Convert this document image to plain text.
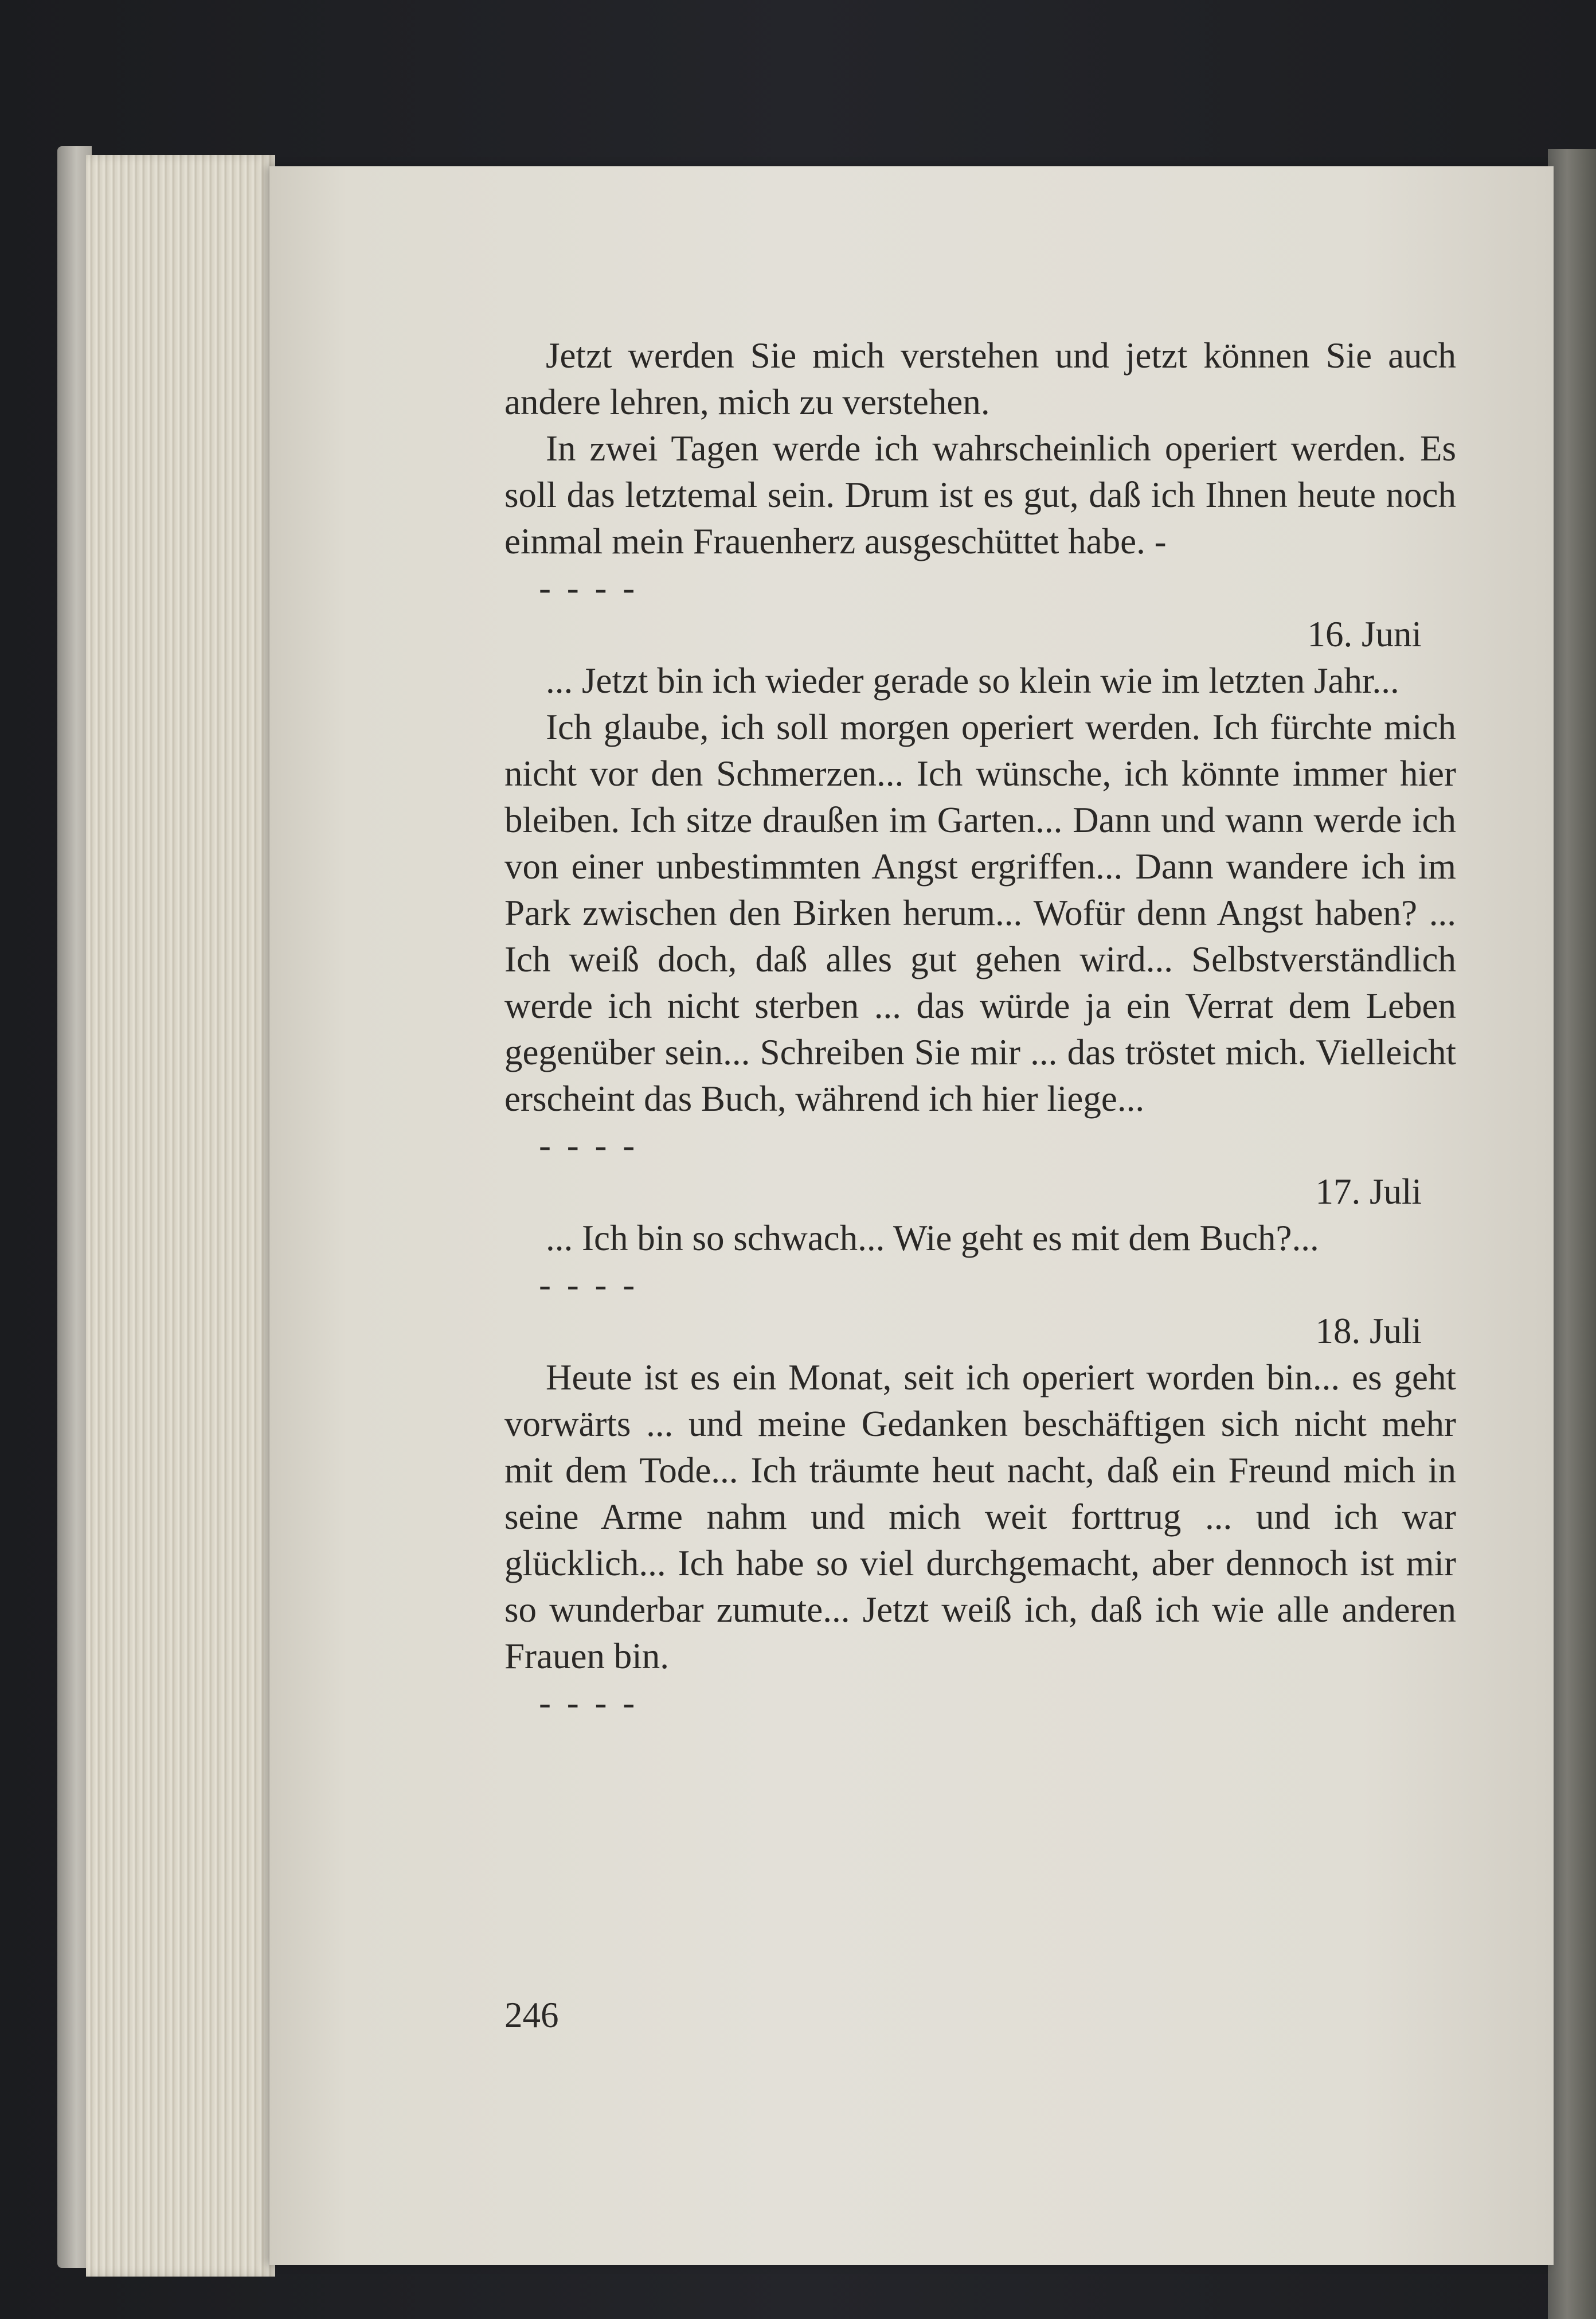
Jetzt werden Sie mich verstehen und jetzt können Sie auch andere lehren, mich zu verstehen.

In zwei Tagen werde ich wahrscheinlich operiert werden. Es soll das letztemal sein. Drum ist es gut, daß ich Ihnen heute noch einmal mein Frauenherz ausgeschüttet habe. -

- - - -

16. Juni

... Jetzt bin ich wieder gerade so klein wie im letzten Jahr...

Ich glaube, ich soll morgen operiert werden. Ich fürchte mich nicht vor den Schmerzen... Ich wünsche, ich könnte immer hier bleiben. Ich sitze draußen im Garten... Dann und wann werde ich von einer unbestimmten Angst ergriffen... Dann wandere ich im Park zwischen den Birken herum... Wofür denn Angst haben? ... Ich weiß doch, daß alles gut gehen wird... Selbstverständlich werde ich nicht sterben ... das würde ja ein Verrat dem Leben gegenüber sein... Schreiben Sie mir ... das tröstet mich. Vielleicht erscheint das Buch, während ich hier liege...

- - - -

17. Juli

... Ich bin so schwach... Wie geht es mit dem Buch?...

- - - -

18. Juli

Heute ist es ein Monat, seit ich operiert worden bin... es geht vorwärts ... und meine Gedanken beschäftigen sich nicht mehr mit dem Tode... Ich träumte heut nacht, daß ein Freund mich in seine Arme nahm und mich weit forttrug ... und ich war glücklich... Ich habe so viel durchgemacht, aber dennoch ist mir so wunderbar zumute... Jetzt weiß ich, daß ich wie alle anderen Frauen bin.

- - - -

246
